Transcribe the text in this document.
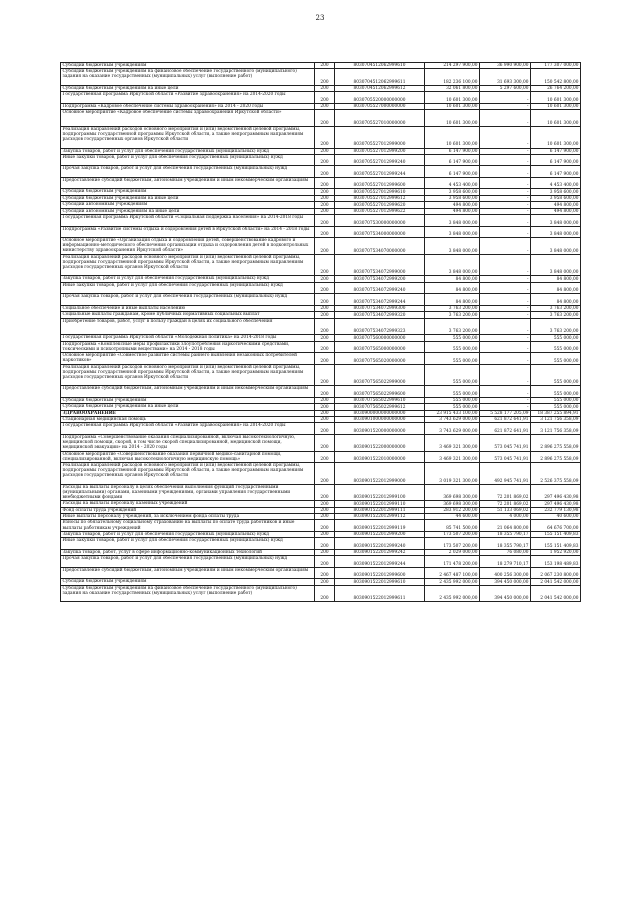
23
Субсидии бюджетным учреждениям	200	8030704512062999610	214 297 900,00	36 990 900,00	177 307 000,00
Субсидии бюджетным учреждениям на финансовое обеспечение государственного (муниципального) задания на оказание государственных (муниципальных) услуг (выполнение работ)
200	8030704512062999611	182 236 100,00	31 693 300,00	150 542 800,00
Субсидии бюджетным учреждениям на иные цели	200	8030704512062999612	32 061 800,00	5 297 600,00	26 764 200,00
Государственная программа Иркутской области «Развитие здравоохранения» на 2014-2020 годы
200	8030705520000000000	10 601 300,00	-	10 601 300,00
Подпрограмма «Кадровое обеспечение системы здравоохранения» на 2014 - 2020 годы	200	8030705527000000000	10 601 300,00	-	10 601 300,00
Основное мероприятие «Кадровое обеспечение системы здравоохранения Иркутской области»
200	8030705527010000000	10 601 300,00	-	10 601 300,00
Реализация направлений расходов основного мероприятия и (или) ведомственной целевой программы, подпрограммы государственной программы Иркутской области, а также непрограммным направлениям расходов государственных органов Иркутской области
200	8030705527012999000	10 601 300,00	-	10 601 300,00
Закупка товаров, работ и услуг для обеспечения государственных (муниципальных) нужд	200	8030705527012999200	6 147 900,00	-	6 147 900,00
Иные закупки товаров, работ и услуг для обеспечения государственных (муниципальных) нужд
200	8030705527012999240	6 147 900,00	-	6 147 900,00
Прочая закупка товаров, работ и услуг для обеспечения государственных (муниципальных) нужд
200	8030705527012999244	6 147 900,00	-	6 147 900,00
Предоставление субсидий бюджетным, автономным учреждениям и иным некоммерческим организациям
200	8030705527012999600	4 453 400,00	-	4 453 400,00
Субсидии бюджетным учреждениям	200	8030705527012999610	3 958 600,00	-	3 958 600,00
Субсидии бюджетным учреждениям на иные цели	200	8030705527012999612	3 958 600,00	-	3 958 600,00
Субсидии автономным учреждениям	200	8030705527012999620	494 800,00	-	494 800,00
Субсидии автономным учреждениям на иные цели	200	8030705527012999622	494 800,00	-	494 800,00
Государственная программа Иркутской области «Социальная поддержка населения» на 2014-2018 годы
200	8030707530000000000	3 848 000,00	-	3 848 000,00
Подпрограмма «Развитие системы отдыха и оздоровления детей в Иркутской области» на 2014 - 2018 годы
200	8030707534000000000	3 848 000,00	-	3 848 000,00
Основное мероприятие «Организация отдыха и оздоровления детей, совершенствование кадрового и информационно-методического обеспечения организации отдыха и оздоровления детей в подконтрольных министерству здравоохранения Иркутской области»	200	8030707534070000000	3 848 000,00	-	3 848 000,00
Реализация направлений расходов основного мероприятия и (или) ведомственной целевой программы, подпрограммы государственной программы Иркутской области, а также непрограммным направлениям расходов государственных органов Иркутской области
200	8030707534072999000	3 848 000,00	-	3 848 000,00
Закупка товаров, работ и услуг для обеспечения государственных (муниципальных) нужд	200	8030707534072999200	84 800,00	-	84 800,00
Иные закупки товаров, работ и услуг для обеспечения государственных (муниципальных) нужд
200	8030707534072999240	84 800,00	-	84 800,00
Прочая закупка товаров, работ и услуг для обеспечения государственных (муниципальных) нужд
200	8030707534072999244	84 800,00	-	84 800,00
Социальное обеспечение и иные выплаты населению	200	8030707534072999300	3 763 200,00	-	3 763 200,00
Социальные выплаты гражданам, кроме публичных нормативных социальных выплат	200	8030707534072999320	3 763 200,00	-	3 763 200,00
Приобретение товаров, работ, услуг в пользу граждан в целях их социального обеспечения
200	8030707534072999323	3 763 200,00	-	3 763 200,00
Государственная программа Иркутской области «Молодежная политика» на 2014-2018 годы	200	8030707560000000000	555 000,00	-	555 000,00
Подпрограмма «Комплексные меры профилактики злоупотребления наркотическими средствами, токсическими и психотропными веществами» на 2014 - 2018 годы	200	8030707565000000000	555 000,00	-	555 000,00
Основное мероприятие «Совместное развитие системы раннего выявления незаконных потребителей наркотиков»	200	8030707565020000000	555 000,00	-	555 000,00
Реализация направлений расходов основного мероприятия и (или) ведомственной целевой программы, подпрограммы государственной программы Иркутской области, а также непрограммным направлениям расходов государственных органов Иркутской области
200	8030707565022999000	555 000,00	-	555 000,00
Предоставление субсидий бюджетным, автономным учреждениям и иным некоммерческим организациям
200	8030707565022999600	555 000,00	-	555 000,00
Субсидии бюджетным учреждениям	200	8030707565022999610	555 000,00	-	555 000,00
Субсидии бюджетным учреждениям на иные цели	200	8030707565022999612	555 000,00	-	555 000,00
ЗДРАВООХРАНЕНИЕ	200	8030900000000000000	23 915 433 100,00	5 528 177 205,09	18 387 255 894,91
Стационарная медицинская помощь	200	8030901000000000000	3 743 629 000,00	621 872 641,91	3 121 756 358,09
Государственная программа Иркутской области «Развитие здравоохранения» на 2014-2020 годы
200	8030901520000000000	3 743 629 000,00	621 872 641,91	3 121 756 358,09
Подпрограмма «Совершенствование оказания специализированной, включая высокотехнологичную, медицинской помощи, скорой, в том числе скорой специализированной, медицинской помощи, медицинской эвакуации» на 2014 - 2020 годы	200	8030901522000000000	3 469 321 300,00	573 045 741,91	2 896 275 558,09
Основное мероприятие «Совершенствование оказания первичной медико-санитарной помощи, специализированной, включая высокотехнологичную медицинскую помощь»	200	8030901522010000000	3 469 321 300,00	573 045 741,91	2 896 275 558,09
Реализация направлений расходов основного мероприятия и (или) ведомственной целевой программы, подпрограммы государственной программы Иркутской области, а также непрограммным направлениям расходов государственных органов Иркутской области
200	8030901522012999000	3 019 321 300,00	492 945 741,91	2 526 375 558,09
Расходы на выплаты персоналу в целях обеспечения выполнения функций государственными (муниципальными) органами, казенными учреждениями, органами управления государственными внебюджетными фондами	200	8030901522012999100	369 698 300,00	72 201 869,02	297 496 430,98
Расходы на выплаты персоналу казенных учреждений	200	8030901522012999110	369 698 300,00	72 201 869,02	297 496 430,98
Фонд оплаты труда учреждений	200	8030901522012999111	283 912 200,00	51 133 069,02	232 779 130,98
Иные выплаты персоналу учреждений, за исключением фонда оплаты труда	200	8030901522012999112	44 600,00	4 000,00	40 600,00
Взносы по обязательному социальному страхованию на выплаты по оплате труда работников и иные выплаты работникам учреждений	200	8030901522012999119	85 741 500,00	21 064 800,00	64 676 700,00
Закупка товаров, работ и услуг для обеспечения государственных (муниципальных) нужд	200	8030901522012999200	173 507 200,00	18 355 790,17	155 151 409,83
Иные закупки товаров, работ и услуг для обеспечения государственных (муниципальных) нужд
200	8030901522012999240	173 507 200,00	18 355 790,17	155 151 409,83
Закупка товаров, работ, услуг в сфере информационно-коммуникационных технологий	200	8030901522012999242	2 029 000,00	76 080,00	1 952 920,00
Прочая закупка товаров, работ и услуг для обеспечения государственных (муниципальных) нужд
200	8030901522012999244	171 478 200,00	18 279 710,17	153 198 489,83
Предоставление субсидий бюджетным, автономным учреждениям и иным некоммерческим организациям
200	8030901522012999600	2 467 487 100,00	400 256 300,00	2 067 230 800,00
Субсидии бюджетным учреждениям	200	8030901522012999610	2 435 992 000,00	394 450 000,00	2 041 542 000,00
Субсидии бюджетным учреждениям на финансовое обеспечение государственного (муниципального) задания на оказание государственных (муниципальных) услуг (выполнение работ)
200	8030901522012999611	2 435 992 000,00	394 450 000,00	2 041 542 000,00
